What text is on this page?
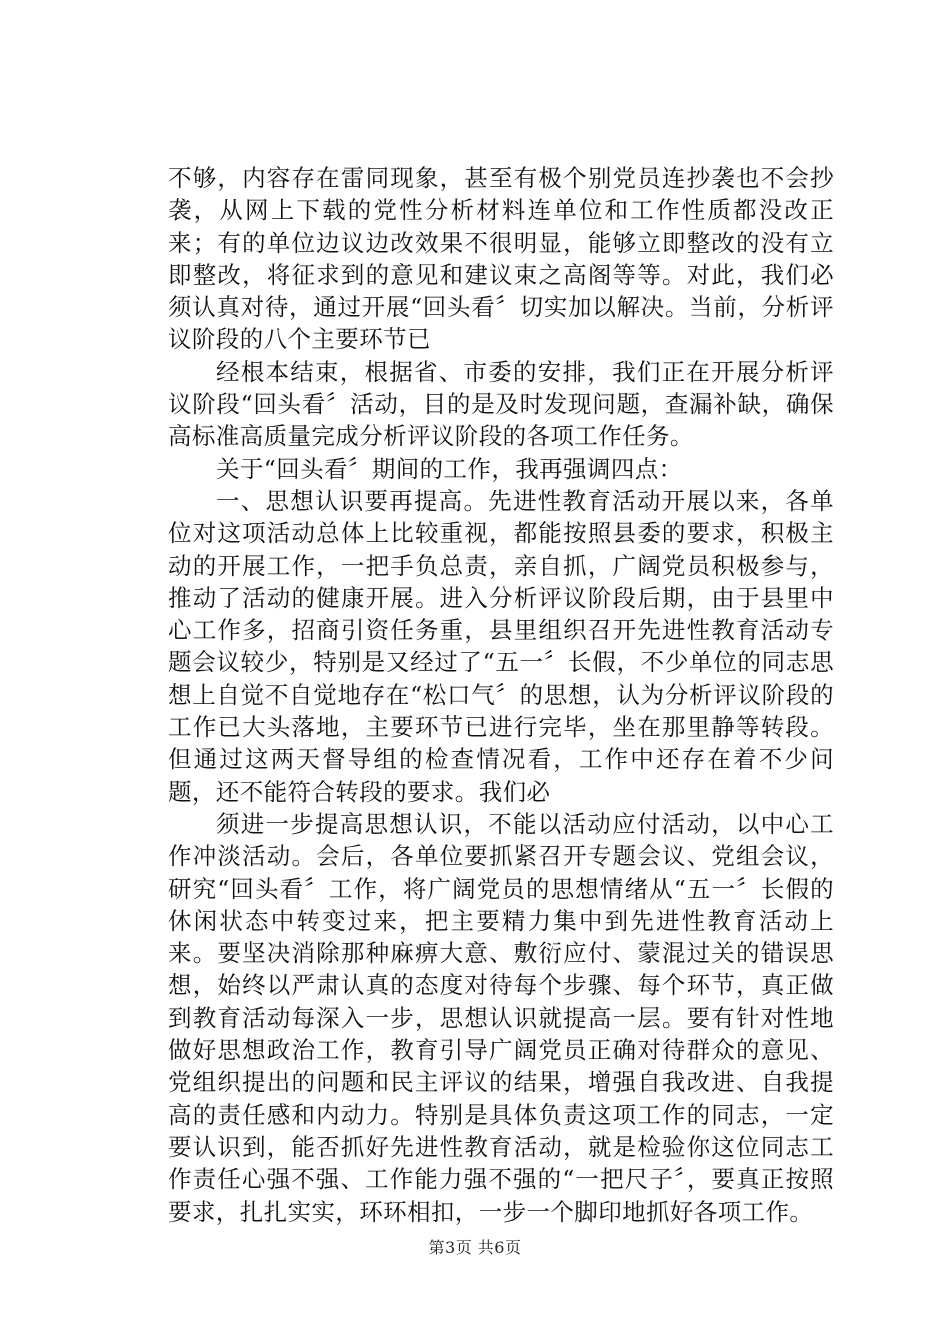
不够，内容存在雷同现象，甚至有极个别党员连抄袭也不会抄袭，从网上下载的党性分析材料连单位和工作性质都没改正来；有的单位边议边改效果不很明显，能够立即整改的没有立即整改，将征求到的意见和建议束之高阁等等。对此，我们必须认真对待，通过开展“回头看〞切实加以解决。当前，分析评议阶段的八个主要环节已

经根本结束，根据省、市委的安排，我们正在开展分析评议阶段“回头看〞活动，目的是及时发现问题，查漏补缺，确保高标准高质量完成分析评议阶段的各项工作任务。

关于“回头看〞期间的工作，我再强调四点：

一、思想认识要再提高。先进性教育活动开展以来，各单位对这项活动总体上比较重视，都能按照县委的要求，积极主动的开展工作，一把手负总责，亲自抓，广阔党员积极参与，推动了活动的健康开展。进入分析评议阶段后期，由于县里中心工作多，招商引资任务重，县里组织召开先进性教育活动专题会议较少，特别是又经过了“五一〞长假，不少单位的同志思想上自觉不自觉地存在“松口气〞的思想，认为分析评议阶段的工作已大头落地，主要环节已进行完毕，坐在那里静等转段。但通过这两天督导组的检查情况看，工作中还存在着不少问题，还不能符合转段的要求。我们必

须进一步提高思想认识，不能以活动应付活动，以中心工作冲淡活动。会后，各单位要抓紧召开专题会议、党组会议，研究“回头看〞工作，将广阔党员的思想情绪从“五一〞长假的休闲状态中转变过来，把主要精力集中到先进性教育活动上来。要坚决消除那种麻痹大意、敷衍应付、蒙混过关的错误思想，始终以严肃认真的态度对待每个步骤、每个环节，真正做到教育活动每深入一步，思想认识就提高一层。要有针对性地做好思想政治工作，教育引导广阔党员正确对待群众的意见、党组织提出的问题和民主评议的结果，增强自我改进、自我提高的责任感和内动力。特别是具体负责这项工作的同志，一定要认识到，能否抓好先进性教育活动，就是检验你这位同志工作责任心强不强、工作能力强不强的“一把尺子〞，要真正按照要求，扎扎实实，环环相扣，一步一个脚印地抓好各项工作。

第3页 共6页
